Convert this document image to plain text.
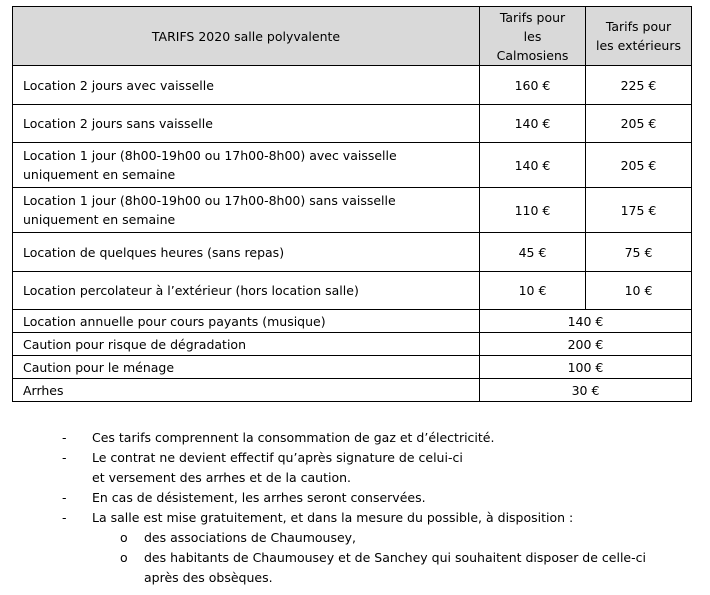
TARIFS 2020 salle polyvalente	Tarifs pour les Calmosiens	Tarifs pour les extérieurs
Location 2 jours avec vaisselle	160 €	225 €
Location 2 jours sans vaisselle	140 €	205 €
Location 1 jour (8h00-19h00 ou 17h00-8h00) avec vaisselle uniquement en semaine	140 €	205 €
Location 1 jour (8h00-19h00 ou 17h00-8h00) sans vaisselle uniquement en semaine	110 €	175 €
Location de quelques heures (sans repas)	45 €	75 €
Location percolateur à l’extérieur (hors location salle)	10 €	10 €
Location annuelle pour cours payants (musique)	140 €	
Caution pour risque de dégradation	200 €	
Caution pour le ménage	100 €	
Arrhes	30 €	
- Ces tarifs comprennent la consommation de gaz et d’électricité.
- Le contrat ne devient effectif qu’après signature de celui-ci
et versement des arrhes et de la caution.
- En cas de désistement, les arrhes seront conservées.
- La salle est mise gratuitement, et dans la mesure du possible, à disposition :
o des associations de Chaumousey,
o des habitants de Chaumousey et de Sanchey qui souhaitent disposer de celle-ci
après des obsèques.
